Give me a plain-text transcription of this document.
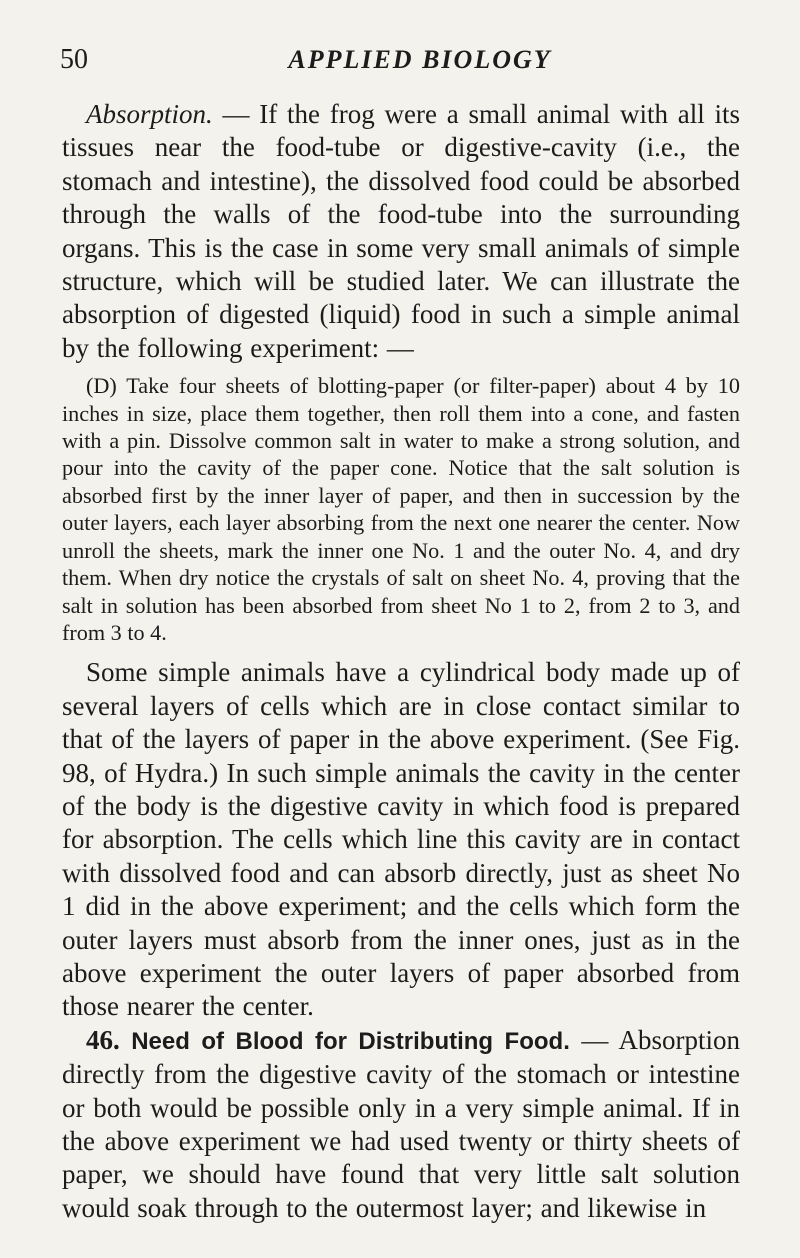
50	APPLIED BIOLOGY

Absorption. — If the frog were a small animal with all its tissues near the food-tube or digestive-cavity (i.e., the stomach and intestine), the dissolved food could be absorbed through the walls of the food-tube into the surrounding organs. This is the case in some very small animals of simple structure, which will be studied later. We can illustrate the absorption of digested (liquid) food in such a simple animal by the following experiment: —

(D) Take four sheets of blotting-paper (or filter-paper) about 4 by 10 inches in size, place them together, then roll them into a cone, and fasten with a pin. Dissolve common salt in water to make a strong solution, and pour into the cavity of the paper cone. Notice that the salt solution is absorbed first by the inner layer of paper, and then in succession by the outer layers, each layer absorbing from the next one nearer the center. Now unroll the sheets, mark the inner one No. 1 and the outer No. 4, and dry them. When dry notice the crystals of salt on sheet No. 4, proving that the salt in solution has been absorbed from sheet No 1 to 2, from 2 to 3, and from 3 to 4.

Some simple animals have a cylindrical body made up of several layers of cells which are in close contact similar to that of the layers of paper in the above experiment. (See Fig. 98, of Hydra.) In such simple animals the cavity in the center of the body is the digestive cavity in which food is prepared for absorption. The cells which line this cavity are in contact with dissolved food and can absorb directly, just as sheet No 1 did in the above experiment; and the cells which form the outer layers must absorb from the inner ones, just as in the above experiment the outer layers of paper absorbed from those nearer the center.

46. Need of Blood for Distributing Food. — Absorption directly from the digestive cavity of the stomach or intestine or both would be possible only in a very simple animal. If in the above experiment we had used twenty or thirty sheets of paper, we should have found that very little salt solution would soak through to the outermost layer; and likewise in
